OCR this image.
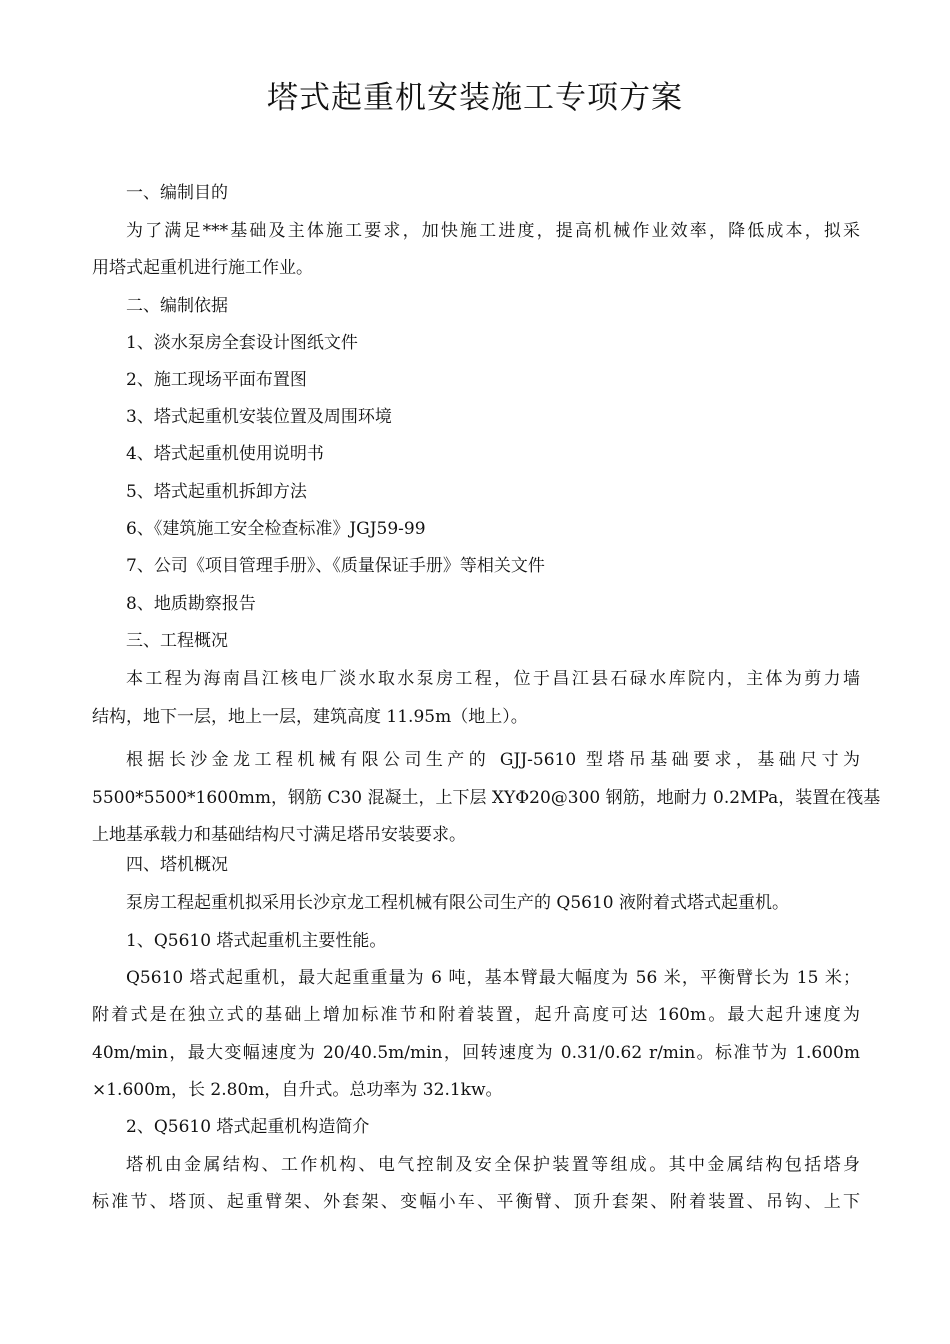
塔式起重机安装施工专项方案

一、编制目的

为了满足***基础及主体施工要求，加快施工进度，提高机械作业效率，降低成本，拟采

用塔式起重机进行施工作业。

二、编制依据

1、淡水泵房全套设计图纸文件

2、施工现场平面布置图

3、塔式起重机安装位置及周围环境

4、塔式起重机使用说明书

5、塔式起重机拆卸方法

6、《建筑施工安全检查标准》JGJ59-99

7、公司《项目管理手册》、《质量保证手册》等相关文件

8、地质勘察报告

三、工程概况

本工程为海南昌江核电厂淡水取水泵房工程，位于昌江县石碌水库院内，主体为剪力墙

结构，地下一层，地上一层，建筑高度 11.95m（地上）。

根据长沙金龙工程机械有限公司生产的 GJJ-5610 型塔吊基础要求，基础尺寸为

5500*5500*1600mm，钢筋 C30 混凝土，上下层 XYΦ20@300 钢筋，地耐力 0.2MPa，装置在筏基

上地基承载力和基础结构尺寸满足塔吊安装要求。

四、塔机概况

泵房工程起重机拟采用长沙京龙工程机械有限公司生产的 Q5610 液附着式塔式起重机。

1、Q5610 塔式起重机主要性能。

Q5610 塔式起重机，最大起重重量为 6 吨，基本臂最大幅度为 56 米，平衡臂长为 15 米；

附着式是在独立式的基础上增加标准节和附着装置，起升高度可达 160m。最大起升速度为

40m/min，最大变幅速度为 20/40.5m/min，回转速度为 0.31/0.62 r/min。标准节为 1.600m

×1.600m，长 2.80m，自升式。总功率为 32.1kw。

2、Q5610 塔式起重机构造简介

塔机由金属结构、工作机构、电气控制及安全保护装置等组成。其中金属结构包括塔身

标准节、塔顶、起重臂架、外套架、变幅小车、平衡臂、顶升套架、附着装置、吊钩、上下
